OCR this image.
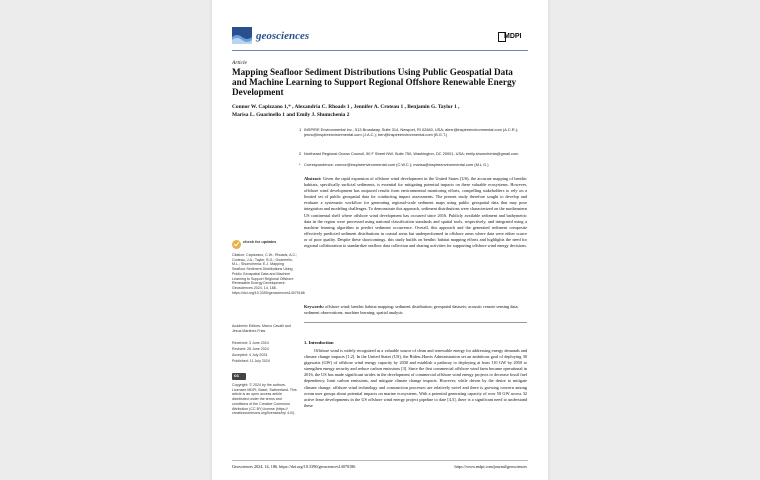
geosciences	MDPI
Article
Mapping Seafloor Sediment Distributions Using Public Geospatial Data and Machine Learning to Support Regional Offshore Renewable Energy Development
Connor W. Capizzano 1,* , Alexandria C. Rhoads 1 , Jennifer A. Croteau 1 , Benjamin G. Taylor 1 ,
Marisa L. Guarinello 1 and Emily J. Shumchenia 2
1 INSPIRE Environmental Inc., 513 Broadway, Suite 314, Newport, RI 02840, USA; alexr@inspireenvironmental.com (A.C.R.); jennc@inspireenvironmental.com (J.A.C.); ben@inspireenvironmental.com (B.G.T.)
2 Northeast Regional Ocean Council, 50 F Street NW, Suite 750, Washington, DC 20001, USA; emily.shumchenia@gmail.com
* Correspondence: connor@inspireenvironmental.com (C.W.C.); marisa@inspireenvironmental.com (M.L.G.)
Abstract: Given the rapid expansion of offshore wind development in the United States (US), the accurate mapping of benthic habitats, specifically surficial sediments, is essential for mitigating potential impacts on these valuable ecosystems. However, offshore wind development has outpaced results from environmental monitoring efforts, compelling stakeholders to rely on a limited set of public geospatial data for conducting impact assessments. The present study therefore sought to develop and evaluate a systematic workflow for generating regional-scale sediment maps using public geospatial data that may pose integration and modeling challenges. To demonstrate this approach, sediment distributions were characterized on the northeastern US continental shelf where offshore wind development has occurred since 2016. Publicly available sediment and bathymetric data in the region were processed using national classification standards and spatial tools, respectively, and integrated using a machine learning algorithm to predict sediment occurrence. Overall, this approach and the generated sediment composite effectively predicted sediment distributions in coastal areas but underperformed in offshore areas where data were either scarce or of poor quality. Despite these shortcomings, this study builds on benthic habitat mapping efforts and highlights the need for regional collaboration to standardize seafloor data collection and sharing activities for supporting offshore wind energy decisions.
Keywords: offshore wind; benthic habitat mapping; sediment distribution; geospatial datasets; acoustic remote sensing data; sediment observations; machine learning; spatial analysis
1. Introduction
Offshore wind is widely recognized as a valuable source of clean and renewable energy for addressing energy demands and climate change impacts [1,2]. In the United States (US), the Biden–Harris Administration set an ambitious goal of deploying 30 gigawatts (GW) of offshore wind energy capacity by 2030 and establish a pathway to deploying at least 110 GW by 2050 to strengthen energy security and reduce carbon emissions [3]. Since the first commercial offshore wind farm became operational in 2016, the US has made significant strides in the development of commercial offshore wind energy projects to decrease fossil fuel dependency, limit carbon emissions, and mitigate climate change impacts. However, while driven by the desire to mitigate climate change, offshore wind technology and construction processes are relatively novel and there is growing concern among ocean user groups about potential impacts on marine ecosystems. With a potential generating capacity of over 50 GW across 32 active lease developments in the US offshore wind energy project pipeline to date [4,5], there is a significant need to understand these
check for updates
Citation: Capizzano, C.W.; Rhoads, A.C.; Croteau, J.A.; Taylor, B.G.; Guarinello, M.L.; Shumchenia, E.J. Mapping Seafloor Sediment Distributions Using Public Geospatial Data and Machine Learning to Support Regional Offshore Renewable Energy Development. Geosciences 2024, 14, 186. https://doi.org/10.3390/geosciences14070186
Academic Editors: Marco Cavalli and Jesus Martinez-Frias
Received: 3 June 2024
Revised: 28 June 2024
Accepted: 4 July 2024
Published: 11 July 2024
cc
Copyright: © 2024 by the authors. Licensee MDPI, Basel, Switzerland. This article is an open access article distributed under the terms and conditions of the Creative Commons Attribution (CC BY) license (https:// creativecommons.org/licenses/by/ 4.0/).
Geosciences 2024, 14, 186. https://doi.org/10.3390/geosciences14070186	https://www.mdpi.com/journal/geosciences
